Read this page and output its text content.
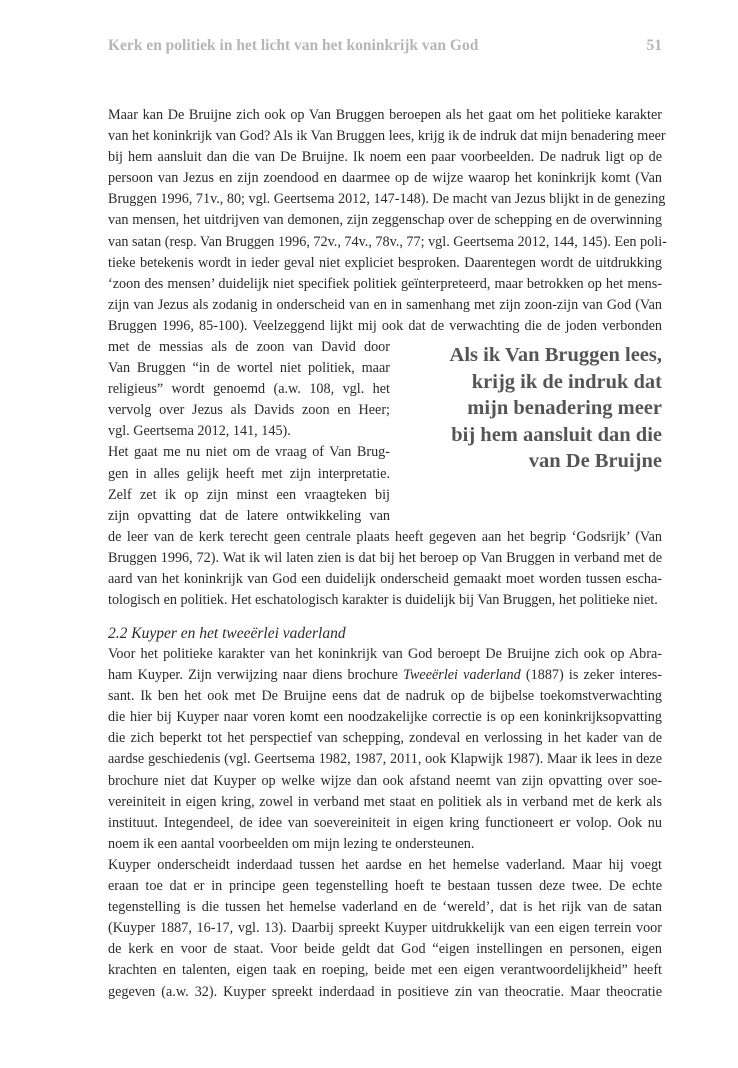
Kerk en politiek in het licht van het koninkrijk van God	51
Maar kan De Bruijne zich ook op Van Bruggen beroepen als het gaat om het politieke karakter
van het koninkrijk van God? Als ik Van Bruggen lees, krijg ik de indruk dat mijn benadering meer
bij hem aansluit dan die van De Bruijne. Ik noem een paar voorbeelden. De nadruk ligt op de
persoon van Jezus en zijn zoendood en daarmee op de wijze waarop het koninkrijk komt (Van
Bruggen 1996, 71v., 80; vgl. Geertsema 2012, 147-148). De macht van Jezus blijkt in de genezing
van mensen, het uitdrijven van demonen, zijn zeggenschap over de schepping en de overwinning
van satan (resp. Van Bruggen 1996, 72v., 74v., 78v., 77; vgl. Geertsema 2012, 144, 145). Een poli-
tieke betekenis wordt in ieder geval niet expliciet besproken. Daarentegen wordt de uitdrukking
‘zoon des mensen’ duidelijk niet specifiek politiek geïnterpreteerd, maar betrokken op het mens-
zijn van Jezus als zodanig in onderscheid van en in samenhang met zijn zoon-zijn van God (Van
Bruggen 1996, 85-100). Veelzeggend lijkt mij ook dat de verwachting die de joden verbonden
met de messias als de zoon van David door
Van Bruggen “in de wortel niet politiek, maar
religieus” wordt genoemd (a.w. 108, vgl. het
vervolg over Jezus als Davids zoon en Heer;
vgl. Geertsema 2012, 141, 145).
Het gaat me nu niet om de vraag of Van Brug-
gen in alles gelijk heeft met zijn interpretatie.
Zelf zet ik op zijn minst een vraagteken bij
zijn opvatting dat de latere ontwikkeling van
Als ik Van Bruggen lees,
krijg ik de indruk dat
mijn benadering meer
bij hem aansluit dan die
van De Bruijne
de leer van de kerk terecht geen centrale plaats heeft gegeven aan het begrip ‘Godsrijk’ (Van
Bruggen 1996, 72). Wat ik wil laten zien is dat bij het beroep op Van Bruggen in verband met de
aard van het koninkrijk van God een duidelijk onderscheid gemaakt moet worden tussen escha-
tologisch en politiek. Het eschatologisch karakter is duidelijk bij Van Bruggen, het politieke niet.
2.2 Kuyper en het tweeërlei vaderland
Voor het politieke karakter van het koninkrijk van God beroept De Bruijne zich ook op Abra-
ham Kuyper. Zijn verwijzing naar diens brochure Tweeërlei vaderland (1887) is zeker interes-
sant. Ik ben het ook met De Bruijne eens dat de nadruk op de bijbelse toekomstverwachting
die hier bij Kuyper naar voren komt een noodzakelijke correctie is op een koninkrijksopvatting
die zich beperkt tot het perspectief van schepping, zondeval en verlossing in het kader van de
aardse geschiedenis (vgl. Geertsema 1982, 1987, 2011, ook Klapwijk 1987). Maar ik lees in deze
brochure niet dat Kuyper op welke wijze dan ook afstand neemt van zijn opvatting over soe-
vereiniteit in eigen kring, zowel in verband met staat en politiek als in verband met de kerk als
instituut. Integendeel, de idee van soevereiniteit in eigen kring functioneert er volop. Ook nu
noem ik een aantal voorbeelden om mijn lezing te ondersteunen.
Kuyper onderscheidt inderdaad tussen het aardse en het hemelse vaderland. Maar hij voegt
eraan toe dat er in principe geen tegenstelling hoeft te bestaan tussen deze twee. De echte
tegenstelling is die tussen het hemelse vaderland en de ‘wereld’, dat is het rijk van de satan
(Kuyper 1887, 16-17, vgl. 13). Daarbij spreekt Kuyper uitdrukkelijk van een eigen terrein voor
de kerk en voor de staat. Voor beide geldt dat God “eigen instellingen en personen, eigen
krachten en talenten, eigen taak en roeping, beide met een eigen verantwoordelijkheid” heeft
gegeven (a.w. 32). Kuyper spreekt inderdaad in positieve zin van theocratie. Maar theocratie
